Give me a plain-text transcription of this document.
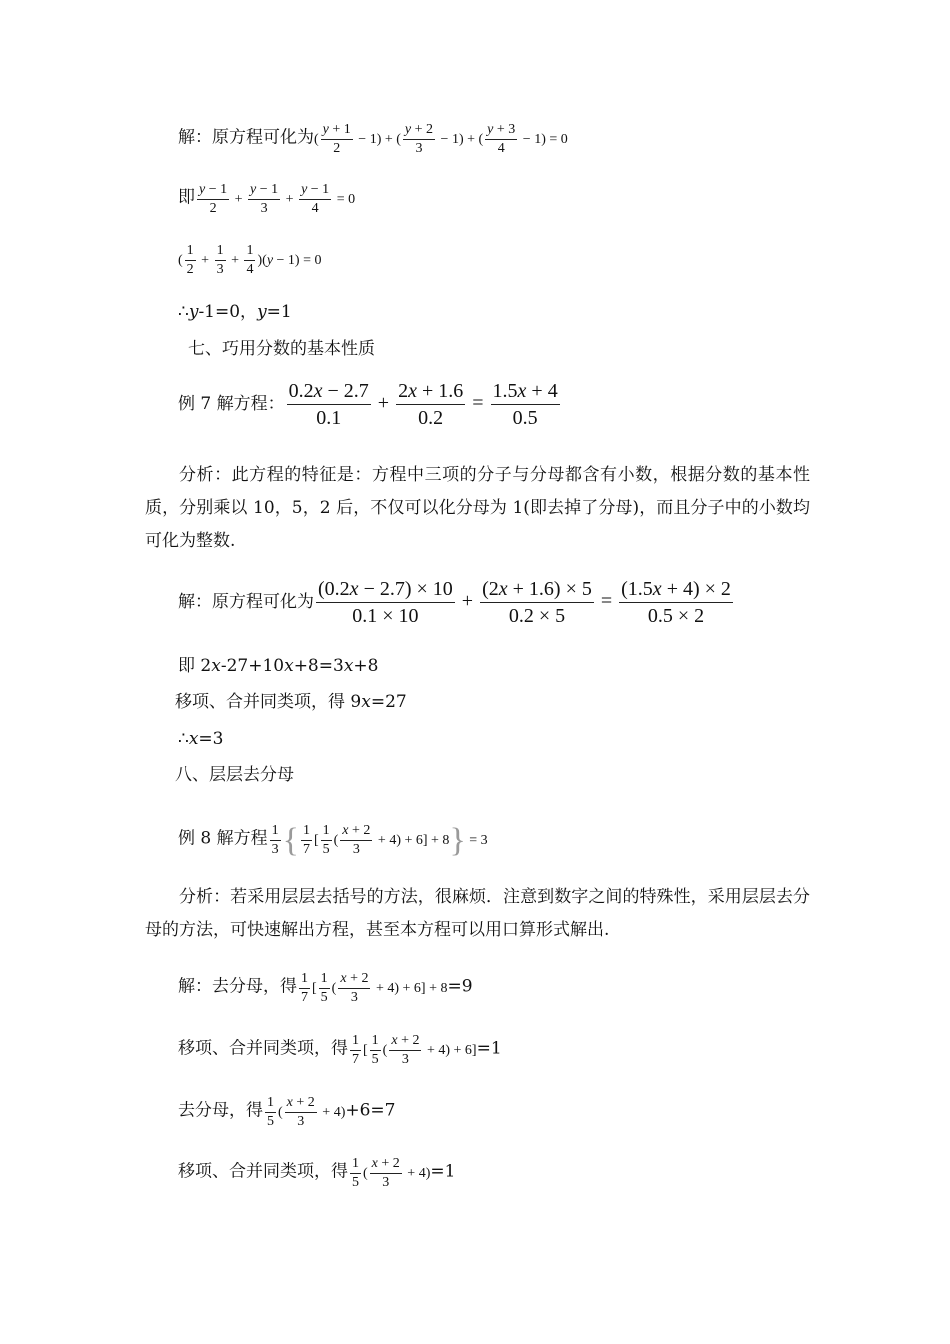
解：原方程可化为( $\frac{y + 1}{2} - 1$) + ( $\frac{y + 2}{3} - 1$) + ( $\frac{y + 3}{4} - 1) = 0$
即 $\frac{y - 1}{2} + \frac{y - 1}{3} + \frac{y - 1}{4} = 0$
( $\frac{1}{2} + \frac{1}{3} + \frac{1}{4} )(y - 1) = 0$
∴y-1=0，y=1
七、巧用分数的基本性质
例 7 解方程： $\frac{0.2x - 2.7}{0.1} + \frac{2x + 1.6}{0.2} = \frac{1.5x + 4}{0.5}$
分析：此方程的特征是：方程中三项的分子与分母都含有小数，根据分数的基本性质，分别乘以 10，5，2 后，不仅可以化分母为 1(即去掉了分母)，而且分子中的小数均可化为整数.
解：原方程可化为 $\frac{(0.2x - 2.7) \times 10}{0.1 \times 10} + \frac{(2x + 1.6) \times 5}{0.2 \times 5} = \frac{(1.5x + 4) \times 2}{0.5 \times 2}$
即 2x-27+10x+8=3x+8
移项、合并同类项，得 9x=27
∴x=3
八、层层去分母
例 8 解方程 $\frac{1}{3}$ { $\frac{1}{7}$ [ $\frac{1}{5}$ ( $\frac{x + 2}{3} + 4) + 6] + 8\} = 3$
分析：若采用层层去括号的方法，很麻烦．注意到数字之间的特殊性，采用层层去分母的方法，可快速解出方程，甚至本方程可以用口算形式解出.
解：去分母，得 $\frac{1}{7}$ [ $\frac{1}{5}$ ( $\frac{x + 2}{3} + 4) + 6] + 8=9$
移项、合并同类项，得 $\frac{1}{7}$ [ $\frac{1}{5}$ ( $\frac{x + 2}{3} + 4) + 6]=1$
去分母，得 $\frac{1}{5}$ ( $\frac{x + 2}{3} + 4)+6=7$
移项、合并同类项，得 $\frac{1}{5}$ ( $\frac{x + 2}{3} + 4)=1$
